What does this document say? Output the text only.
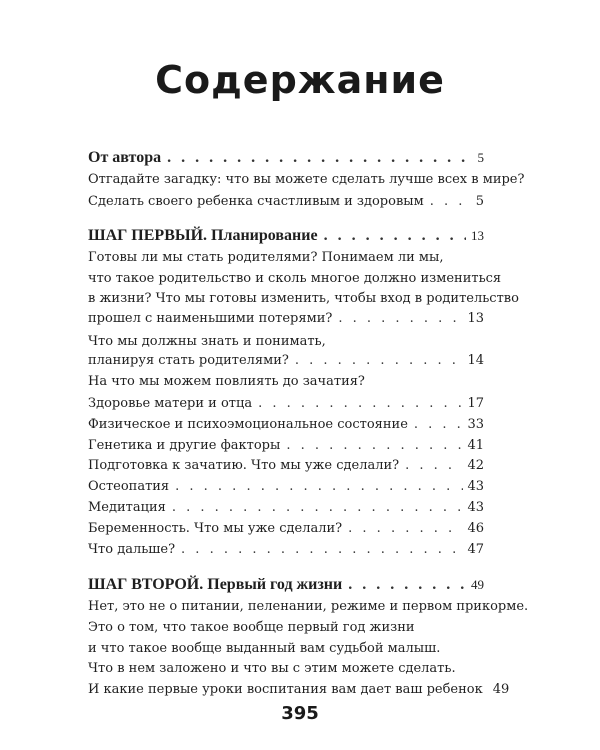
Содержание
От автора . . .	5
Отгадайте загадку: что вы можете сделать лучше всех в мире?
Сделать своего ребенка счастливым и здоровым . . .	5
ШАГ ПЕРВЫЙ. Планирование . . .	13
Готовы ли мы стать родителями? Понимаем ли мы,
что такое родительство и сколь многое должно измениться
в жизни? Что мы готовы изменить, чтобы вход в родительство
прошел с наименьшими потерями? . . .	13
Что мы должны знать и понимать,
планируя стать родителями? . . .	14
На что мы можем повлиять до зачатия?
Здоровье матери и отца . . .	17
Физическое и психоэмоциональное состояние . . .	33
Генетика и другие факторы . . .	41
Подготовка к зачатию. Что мы уже сделали? . . .	42
Остеопатия . . .	43
Медитация . . .	43
Беременность. Что мы уже сделали? . . .	46
Что дальше? . . .	47
ШАГ ВТОРОЙ. Первый год жизни . . .	49
Нет, это не о питании, пеленании, режиме и первом прикорме.
Это о том, что такое вообще первый год жизни
и что такое вообще выданный вам судьбой малыш.
Что в нем заложено и что вы с этим можете сделать.
И какие первые уроки воспитания вам дает ваш ребенок 49
395
